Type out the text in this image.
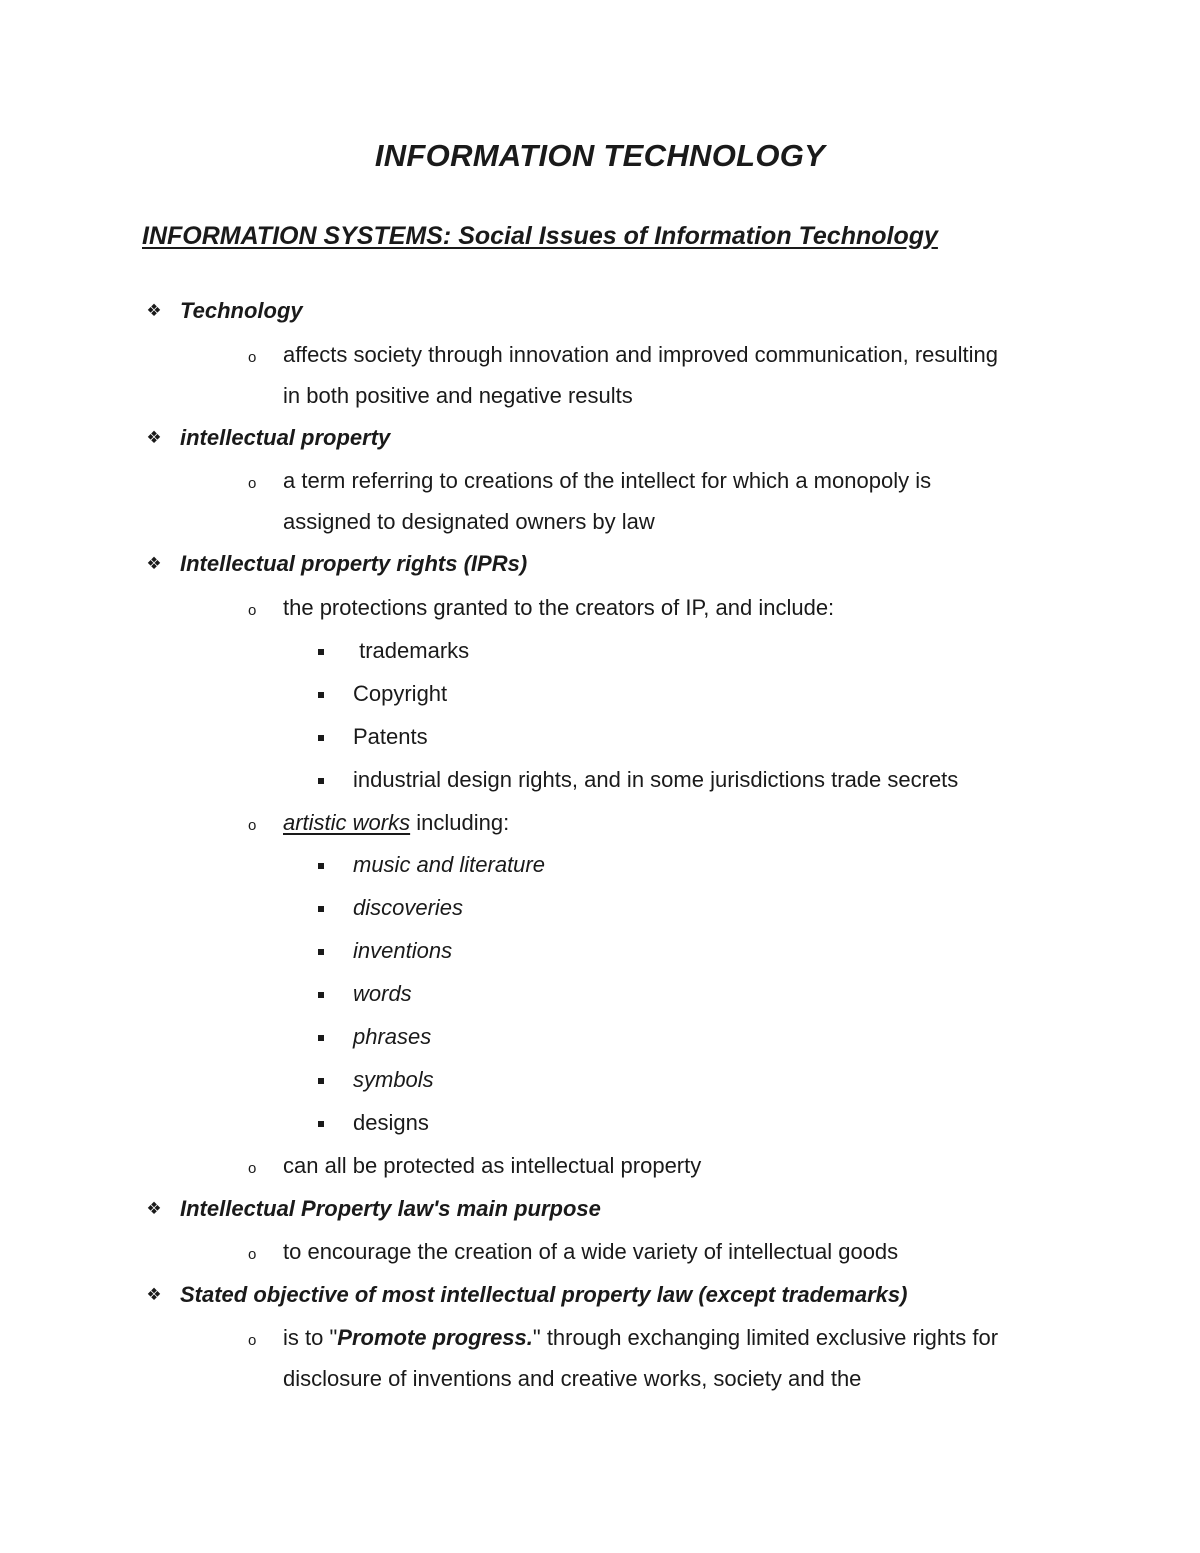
INFORMATION TECHNOLOGY
INFORMATION SYSTEMS: Social Issues of Information Technology
❖ Technology
o affects society through innovation and improved communication, resulting
in both positive and negative results
❖ intellectual property
o a term referring to creations of the intellect for which a monopoly is
assigned to designated owners by law
❖ Intellectual property rights (IPRs)
o the protections granted to the creators of IP, and include:
trademarks
Copyright
Patents
industrial design rights, and in some jurisdictions trade secrets
o artistic works including:
music and literature
discoveries
inventions
words
phrases
symbols
designs
o can all be protected as intellectual property
❖ Intellectual Property law's main purpose
o to encourage the creation of a wide variety of intellectual goods
❖ Stated objective of most intellectual property law (except trademarks)
o is to "Promote progress." through exchanging limited exclusive rights for
disclosure of inventions and creative works, society and the
